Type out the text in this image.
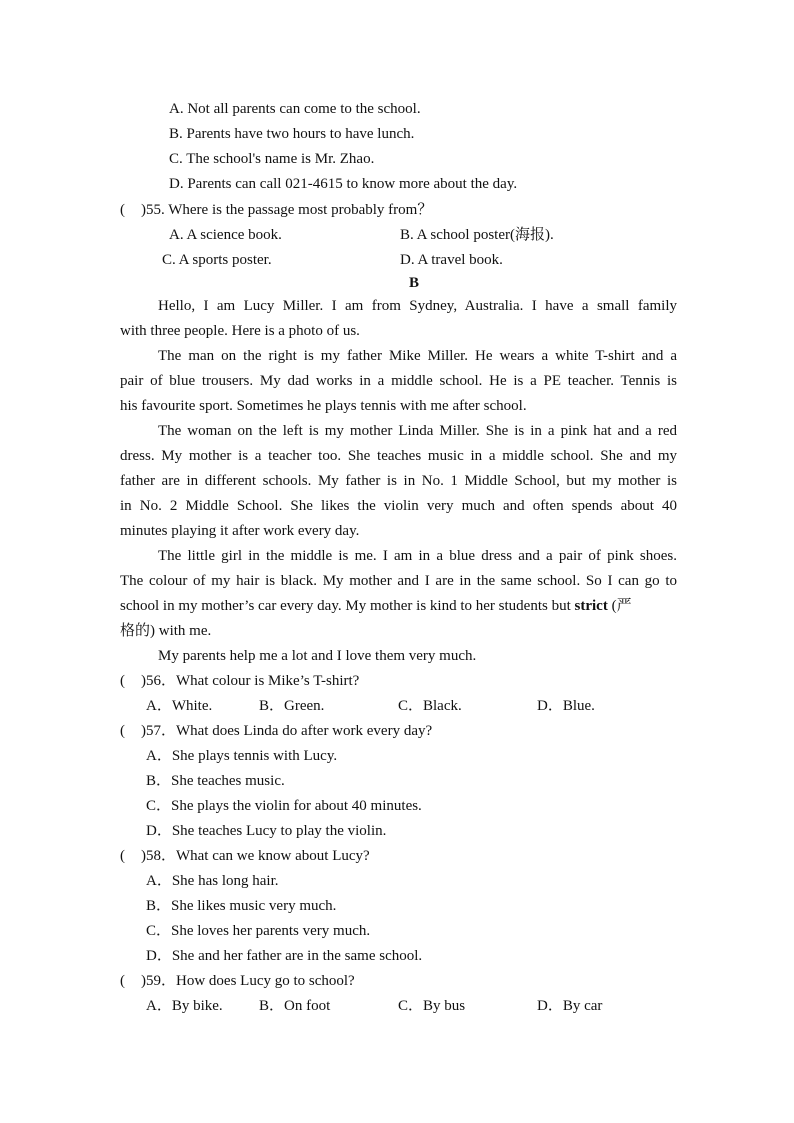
A. Not all parents can come to the school.
B. Parents have two hours to have lunch.
C. The school's name is Mr. Zhao.
D. Parents can call 021-4615 to know more about the day.
( )55. Where is the passage most probably from？
A. A science book.	B. A school poster(海报).
C. A sports poster.	D. A travel book.
B
Hello, I am Lucy Miller. I am from Sydney, Australia. I have a small family
with three people. Here is a photo of us.
The man on the right is my father Mike Miller. He wears a white T-shirt and a
pair of blue trousers. My dad works in a middle school. He is a PE teacher. Tennis is
his favourite sport. Sometimes he plays tennis with me after school.
The woman on the left is my mother Linda Miller. She is in a pink hat and a red
dress. My mother is a teacher too. She teaches music in a middle school. She and my
father are in different schools. My father is in No. 1 Middle School, but my mother is
in No. 2 Middle School. She likes the violin very much and often spends about 40
minutes playing it after work every day.
The little girl in the middle is me. I am in a blue dress and a pair of pink shoes.
The colour of my hair is black. My mother and I are in the same school. So I can go to
school in my mother’s car every day. My mother is kind to her students but strict (严
格的) with me.
My parents help me a lot and I love them very much.
( )56．What colour is Mike’s T-shirt?
A．White.	B．Green.	C．Black.	D．Blue.
( )57．What does Linda do after work every day?
A．She plays tennis with Lucy.
B．She teaches music.
C．She plays the violin for about 40 minutes.
D．She teaches Lucy to play the violin.
( )58．What can we know about Lucy?
A．She has long hair.
B．She likes music very much.
C．She loves her parents very much.
D．She and her father are in the same school.
( )59．How does Lucy go to school?
A．By bike. B．On foot	C．By bus	D．By car
